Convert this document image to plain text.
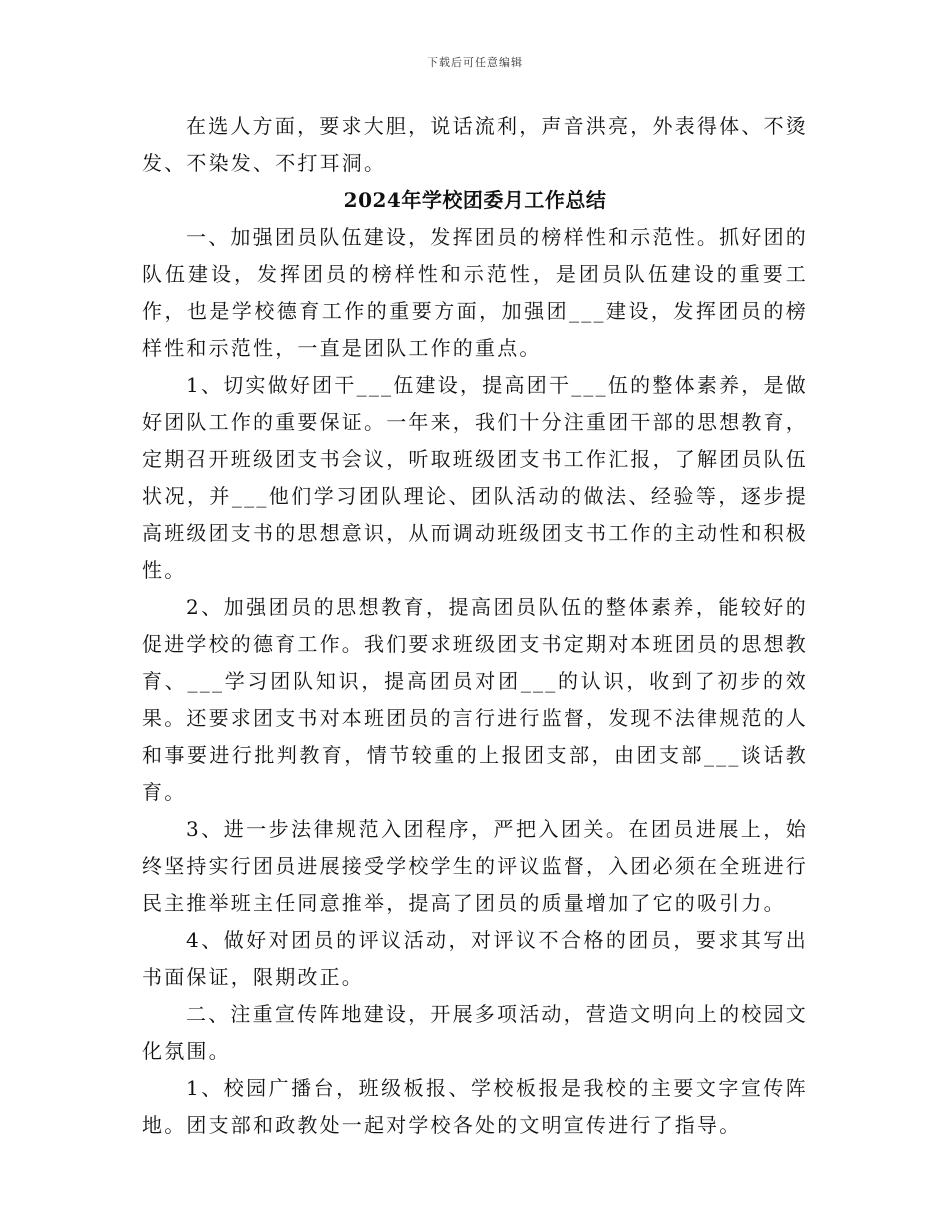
下载后可任意编辑

在选人方面，要求大胆，说话流利，声音洪亮，外表得体、不烫发、不染发、不打耳洞。

2024年学校团委月工作总结

一、加强团员队伍建设，发挥团员的榜样性和示范性。抓好团的队伍建设，发挥团员的榜样性和示范性，是团员队伍建设的重要工作，也是学校德育工作的重要方面，加强团___建设，发挥团员的榜样性和示范性，一直是团队工作的重点。

1、切实做好团干___伍建设，提高团干___伍的整体素养，是做好团队工作的重要保证。一年来，我们十分注重团干部的思想教育，定期召开班级团支书会议，听取班级团支书工作汇报，了解团员队伍状况，并___他们学习团队理论、团队活动的做法、经验等，逐步提高班级团支书的思想意识，从而调动班级团支书工作的主动性和积极性。

2、加强团员的思想教育，提高团员队伍的整体素养，能较好的促进学校的德育工作。我们要求班级团支书定期对本班团员的思想教育、___学习团队知识，提高团员对团___的认识，收到了初步的效果。还要求团支书对本班团员的言行进行监督，发现不法律规范的人和事要进行批判教育，情节较重的上报团支部，由团支部___谈话教育。

3、进一步法律规范入团程序，严把入团关。在团员进展上，始终坚持实行团员进展接受学校学生的评议监督，入团必须在全班进行民主推举班主任同意推举，提高了团员的质量增加了它的吸引力。

4、做好对团员的评议活动，对评议不合格的团员，要求其写出书面保证，限期改正。

二、注重宣传阵地建设，开展多项活动，营造文明向上的校园文化氛围。

1、校园广播台，班级板报、学校板报是我校的主要文字宣传阵地。团支部和政教处一起对学校各处的文明宣传进行了指导。
